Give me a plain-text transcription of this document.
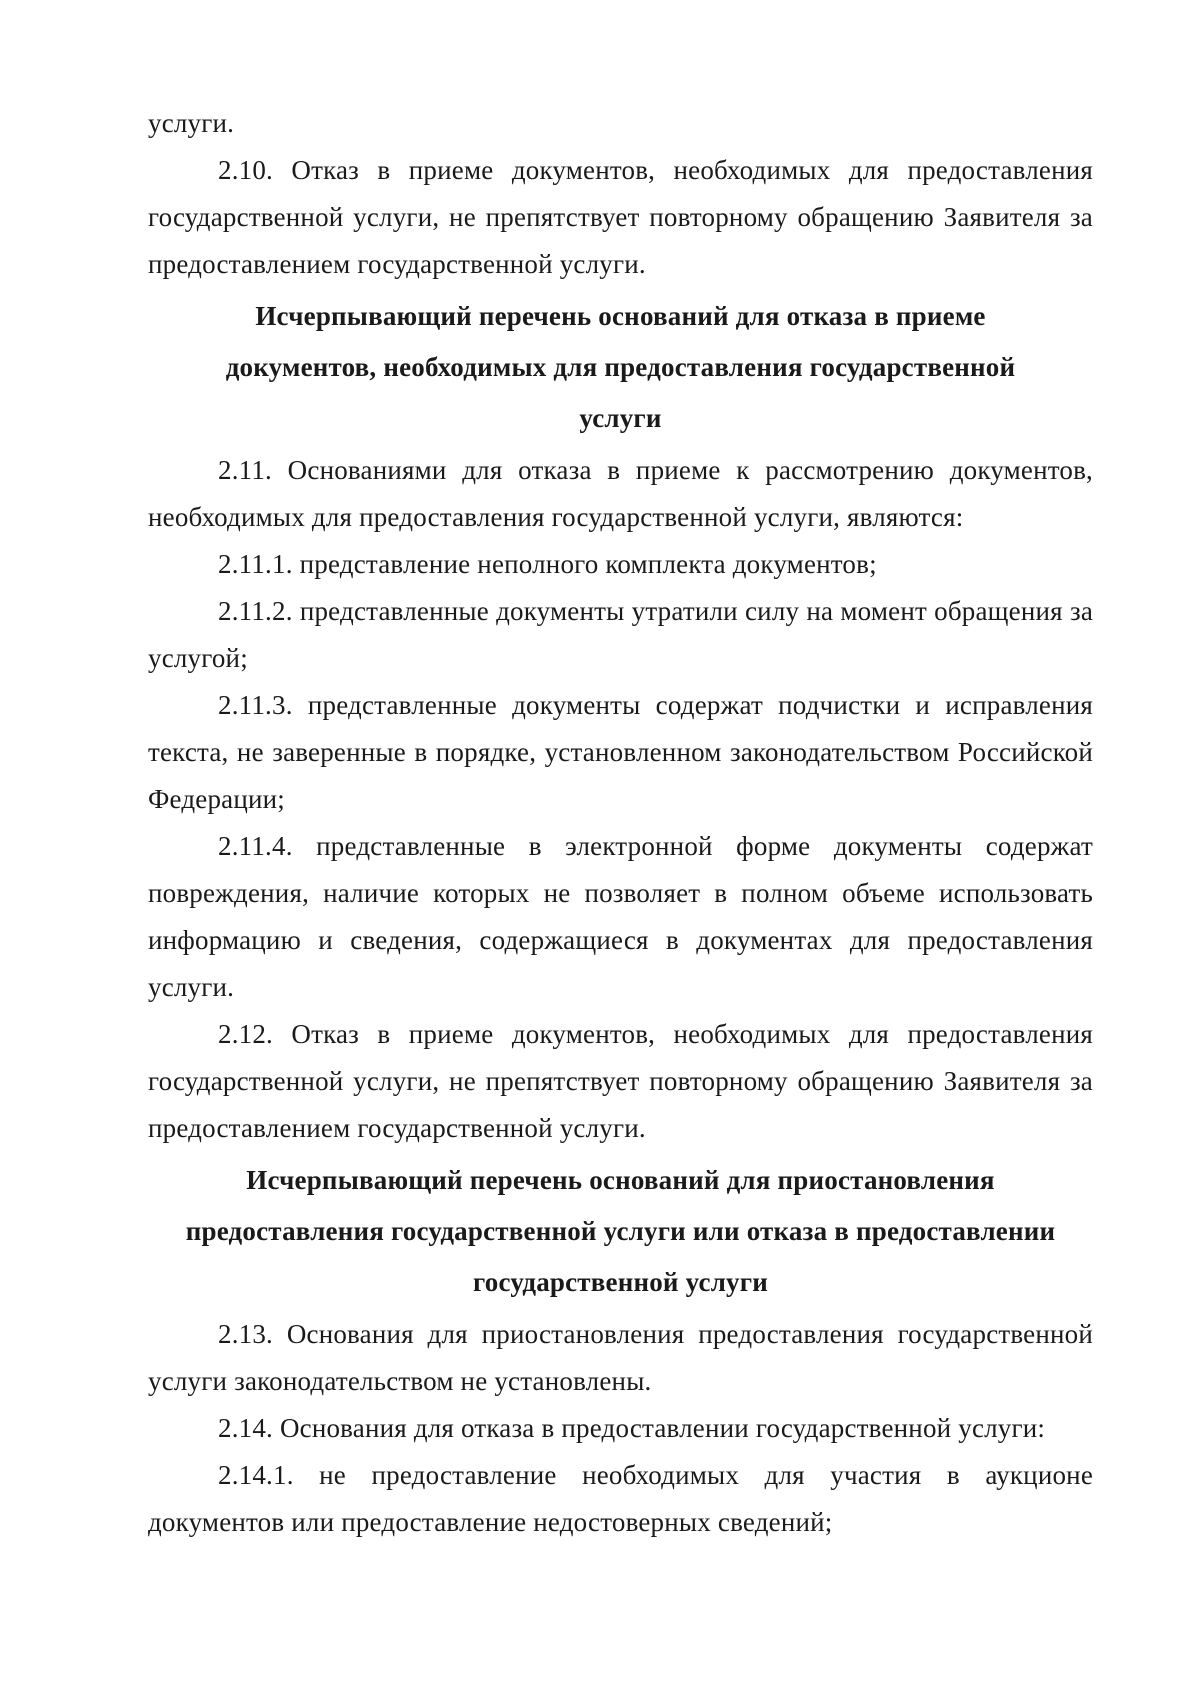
услуги.

2.10. Отказ в приеме документов, необходимых для предоставления государственной услуги, не препятствует повторному обращению Заявителя за предоставлением государственной услуги.

Исчерпывающий перечень оснований для отказа в приеме документов, необходимых для предоставления государственной услуги

2.11. Основаниями для отказа в приеме к рассмотрению документов, необходимых для предоставления государственной услуги, являются:

2.11.1. представление неполного комплекта документов;

2.11.2. представленные документы утратили силу на момент обращения за услугой;

2.11.3. представленные документы содержат подчистки и исправления текста, не заверенные в порядке, установленном законодательством Российской Федерации;

2.11.4. представленные в электронной форме документы содержат повреждения, наличие которых не позволяет в полном объеме использовать информацию и сведения, содержащиеся в документах для предоставления услуги.

2.12. Отказ в приеме документов, необходимых для предоставления государственной услуги, не препятствует повторному обращению Заявителя за предоставлением государственной услуги.

Исчерпывающий перечень оснований для приостановления предоставления государственной услуги или отказа в предоставлении государственной услуги

2.13. Основания для приостановления предоставления государственной услуги законодательством не установлены.

2.14. Основания для отказа в предоставлении государственной услуги:

2.14.1. не предоставление необходимых для участия в аукционе документов или предоставление недостоверных сведений;
